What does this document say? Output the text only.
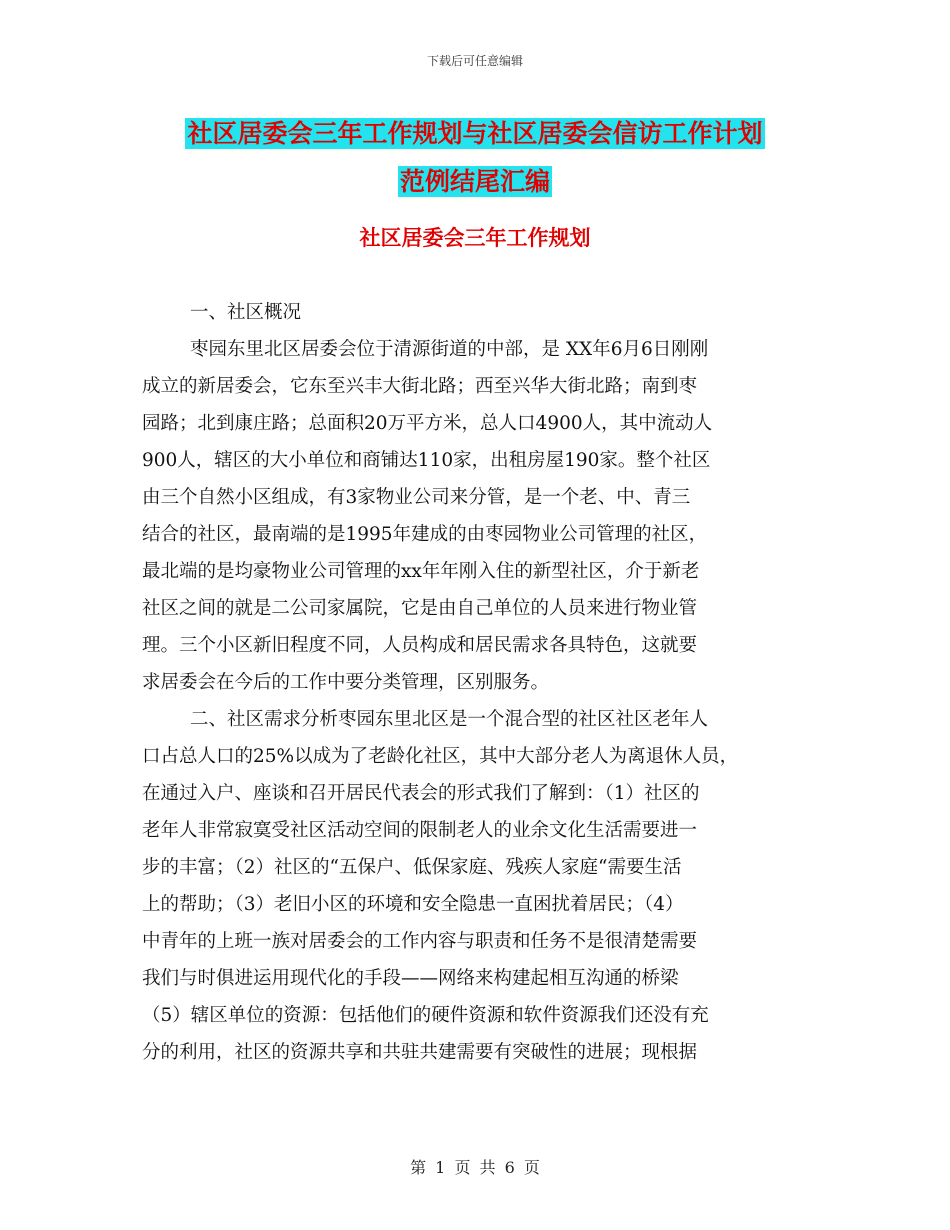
下载后可任意编辑
社区居委会三年工作规划与社区居委会信访工作计划
范例结尾汇编
社区居委会三年工作规划

一、社区概况

枣园东里北区居委会位于清源街道的中部，是 XX年6月6日刚刚
成立的新居委会，它东至兴丰大街北路；西至兴华大街北路；南到枣
园路；北到康庄路；总面积20万平方米，总人口4900人，其中流动人
900人，辖区的大小单位和商铺达110家，出租房屋190家。整个社区
由三个自然小区组成，有3家物业公司来分管，是一个老、中、青三
结合的社区，最南端的是1995年建成的由枣园物业公司管理的社区，
最北端的是均豪物业公司管理的xx年年刚入住的新型社区，介于新老
社区之间的就是二公司家属院，它是由自己单位的人员来进行物业管
理。三个小区新旧程度不同，人员构成和居民需求各具特色，这就要
求居委会在今后的工作中要分类管理，区别服务。
二、社区需求分析枣园东里北区是一个混合型的社区社区老年人
口占总人口的25%以成为了老龄化社区，其中大部分老人为离退休人员，
在通过入户、座谈和召开居民代表会的形式我们了解到：（1）社区的
老年人非常寂寞受社区活动空间的限制老人的业余文化生活需要进一
步的丰富；（2）社区的“五保户、低保家庭、残疾人家庭“需要生活
上的帮助；（3）老旧小区的环境和安全隐患一直困扰着居民；（4）
中青年的上班一族对居委会的工作内容与职责和任务不是很清楚需要
我们与时俱进运用现代化的手段——网络来构建起相互沟通的桥梁
（5）辖区单位的资源：包括他们的硬件资源和软件资源我们还没有充
分的利用，社区的资源共享和共驻共建需要有突破性的进展；现根据
第 1 页 共 6 页
